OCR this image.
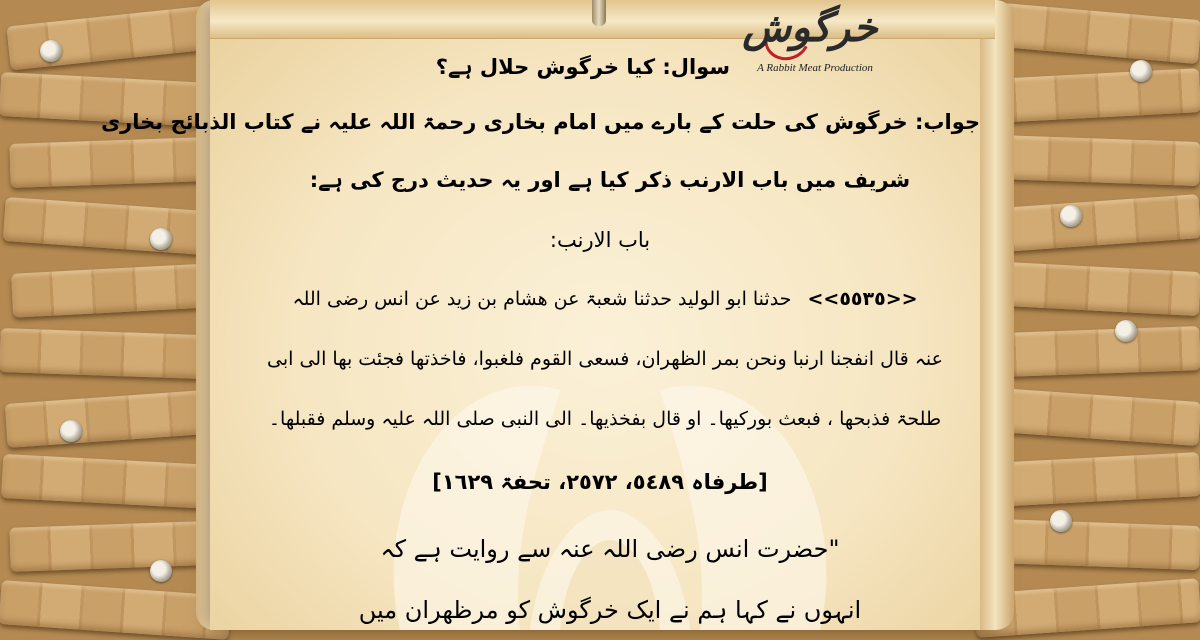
خرگوش
A Rabbit Meat Production
سوال: کیا خرگوش حلال ہے؟
جواب: خرگوش کی حلت کے بارے میں امام بخاری رحمۃ اللہ علیہ نے کتاب الذبائح بخاری
شریف میں باب الارنب ذکر کیا ہے اور یہ حدیث درج کی ہے:
باب الارنب:
<<٥٥٣٥>> حدثنا ابو الولید حدثنا شعبۃ عن ھشام بن زید عن انس رضی اللہ
عنہ قال انفجنا ارنبا ونحن بمر الظھران، فسعی القوم فلغبوا، فاخذتھا فجئت بھا الی ابی
طلحۃ فذبحھا ، فبعث بورکیھا۔ او قال بفخذیھا۔ الی النبی صلی اللہ علیہ وسلم فقبلھا۔
[طرفاہ ٥٤٨٩، ٢٥٧٢، تحفۃ ١٦٢٩]
"حضرت انس رضی اللہ عنہ سے روایت ہے کہ
انہوں نے کہا ہم نے ایک خرگوش کو مرظھران میں
